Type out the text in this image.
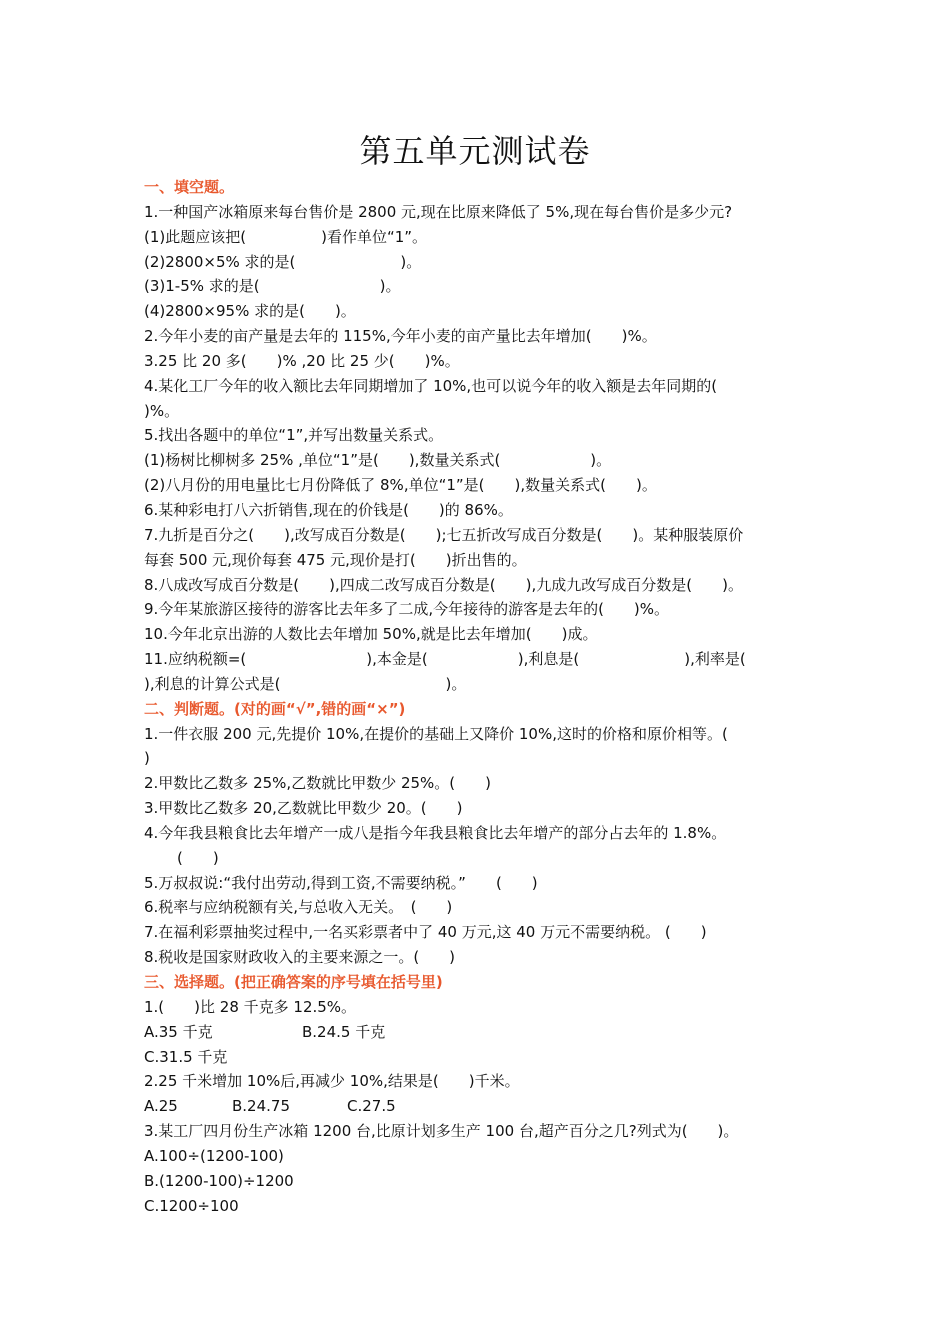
第五单元测试卷
一、填空题。
1.一种国产冰箱原来每台售价是 2800 元,现在比原来降低了 5%,现在每台售价是多少元?
(1)此题应该把(　　　　　)看作单位“1”。
(2)2800×5% 求的是(　　　　　　　)。
(3)1-5% 求的是(　　　　　　　　)。
(4)2800×95% 求的是(　　)。
2.今年小麦的亩产量是去年的 115%,今年小麦的亩产量比去年增加(　　)%。
3.25 比 20 多(　　)% ,20 比 25 少(　　)%。
4.某化工厂今年的收入额比去年同期增加了 10%,也可以说今年的收入额是去年同期的(
)%。
5.找出各题中的单位“1”,并写出数量关系式。
(1)杨树比柳树多 25% ,单位“1”是(　　),数量关系式(　　　　　　)。
(2)八月份的用电量比七月份降低了 8%,单位“1”是(　　),数量关系式(　　)。
6.某种彩电打八六折销售,现在的价钱是(　　)的 86%。
7.九折是百分之(　　),改写成百分数是(　　);七五折改写成百分数是(　　)。某种服装原价
每套 500 元,现价每套 475 元,现价是打(　　)折出售的。
8.八成改写成百分数是(　　),四成二改写成百分数是(　　),九成九改写成百分数是(　　)。
9.今年某旅游区接待的游客比去年多了二成,今年接待的游客是去年的(　　)%。
10.今年北京出游的人数比去年增加 50%,就是比去年增加(　　)成。
11.应纳税额=(　　　　　　　　),本金是(　　　　　　),利息是(　　　　　　　),利率是(
),利息的计算公式是(　　　　　　　　　　　)。
二、判断题。(对的画“√”,错的画“×”)
1.一件衣服 200 元,先提价 10%,在提价的基础上又降价 10%,这时的价格和原价相等。(
)
2.甲数比乙数多 25%,乙数就比甲数少 25%。(　　)
3.甲数比乙数多 20,乙数就比甲数少 20。(　　)
4.今年我县粮食比去年增产一成八是指今年我县粮食比去年增产的部分占去年的 1.8%。
(　　)
5.万叔叔说:“我付出劳动,得到工资,不需要纳税。”　　(　　)
6.税率与应纳税额有关,与总收入无关。　(　　)
7.在福利彩票抽奖过程中,一名买彩票者中了 40 万元,这 40 万元不需要纳税。 (　　)
8.税收是国家财政收入的主要来源之一。(　　)
三、选择题。(把正确答案的序号填在括号里)
1.(　　)比 28 千克多 12.5%。
A.35 千克	B.24.5 千克
C.31.5 千克
2.25 千米增加 10%后,再减少 10%,结果是(　　)千米。
A.25	B.24.75	C.27.5
3.某工厂四月份生产冰箱 1200 台,比原计划多生产 100 台,超产百分之几?列式为(　　)。
A.100÷(1200-100)
B.(1200-100)÷1200
C.1200÷100
